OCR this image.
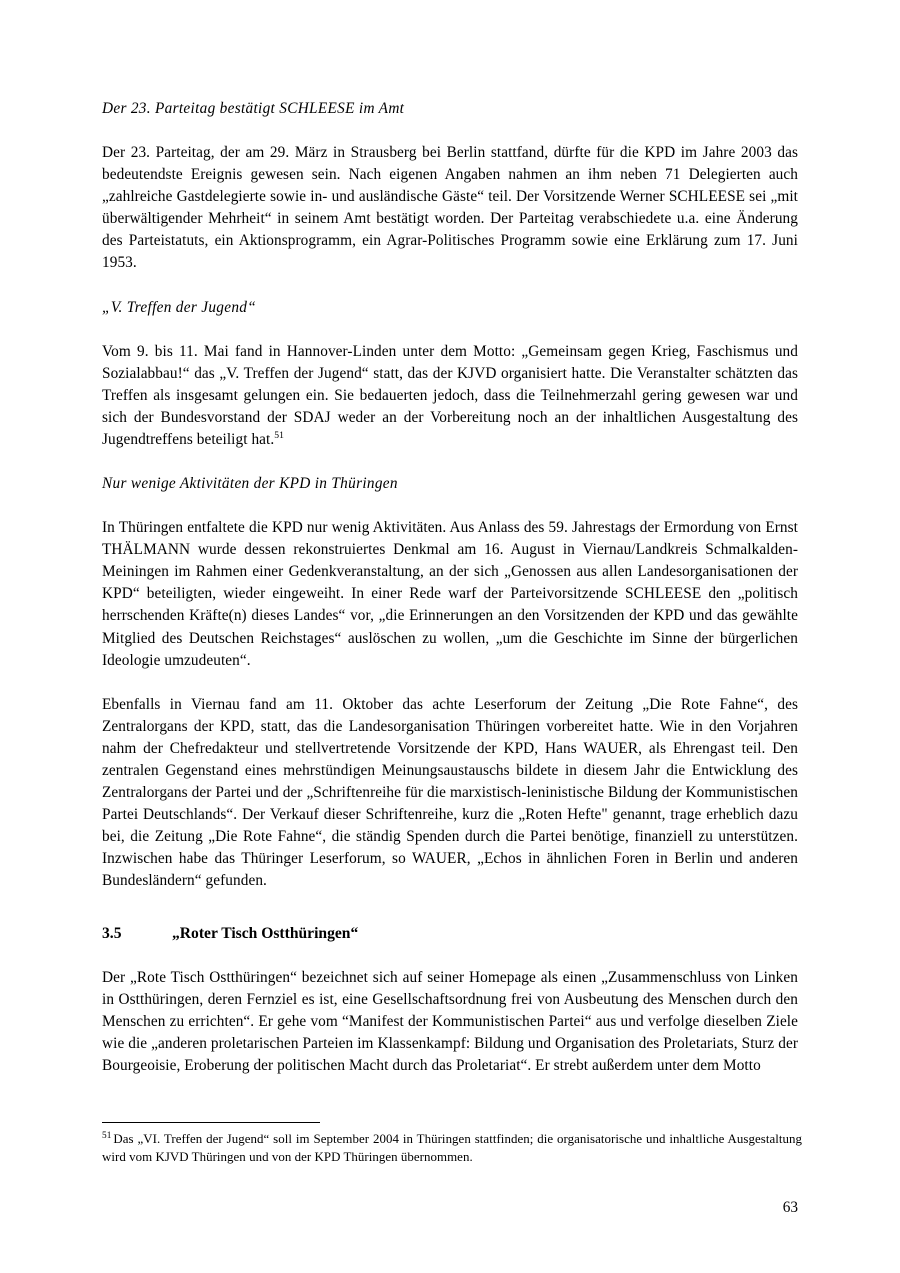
Der 23. Parteitag bestätigt SCHLEESE im Amt

Der 23. Parteitag, der am 29. März in Strausberg bei Berlin stattfand, dürfte für die KPD im Jahre 2003 das bedeutendste Ereignis gewesen sein. Nach eigenen Angaben nahmen an ihm neben 71 Delegierten auch „zahlreiche Gastdelegierte sowie in- und ausländische Gäste“ teil. Der Vorsitzende Werner SCHLEESE sei „mit überwältigender Mehrheit“ in seinem Amt bestätigt worden. Der Parteitag verabschiedete u.a. eine Änderung des Parteistatuts, ein Aktionsprogramm, ein Agrar-Politisches Programm sowie eine Erklärung zum 17. Juni 1953.

„V. Treffen der Jugend“

Vom 9. bis 11. Mai fand in Hannover-Linden unter dem Motto: „Gemeinsam gegen Krieg, Faschismus und Sozialabbau!“ das „V. Treffen der Jugend“ statt, das der KJVD organisiert hatte. Die Veranstalter schätzten das Treffen als insgesamt gelungen ein. Sie bedauerten jedoch, dass die Teilnehmerzahl gering gewesen war und sich der Bundesvorstand der SDAJ weder an der Vorbereitung noch an der inhaltlichen Ausgestaltung des Jugendtreffens beteiligt hat.$^{51}$

Nur wenige Aktivitäten der KPD in Thüringen

In Thüringen entfaltete die KPD nur wenig Aktivitäten. Aus Anlass des 59. Jahrestags der Ermordung von Ernst THÄLMANN wurde dessen rekonstruiertes Denkmal am 16. August in Viernau/Landkreis Schmalkalden-Meiningen im Rahmen einer Gedenkveranstaltung, an der sich „Genossen aus allen Landesorganisationen der KPD“ beteiligten, wieder eingeweiht. In einer Rede warf der Parteivorsitzende SCHLEESE den „politisch herrschenden Kräfte(n) dieses Landes“ vor, „die Erinnerungen an den Vorsitzenden der KPD und das gewählte Mitglied des Deutschen Reichstages“ auslöschen zu wollen, „um die Geschichte im Sinne der bürgerlichen Ideologie umzudeuten“.

Ebenfalls in Viernau fand am 11. Oktober das achte Leserforum der Zeitung „Die Rote Fahne“, des Zentralorgans der KPD, statt, das die Landesorganisation Thüringen vorbereitet hatte. Wie in den Vorjahren nahm der Chefredakteur und stellvertretende Vorsitzende der KPD, Hans WAUER, als Ehrengast teil. Den zentralen Gegenstand eines mehrstündigen Meinungsaustauschs bildete in diesem Jahr die Entwicklung des Zentralorgans der Partei und der „Schriftenreihe für die marxistisch-leninistische Bildung der Kommunistischen Partei Deutschlands“. Der Verkauf dieser Schriftenreihe, kurz die „Roten Hefte" genannt, trage erheblich dazu bei, die Zeitung „Die Rote Fahne“, die ständig Spenden durch die Partei benötige, finanziell zu unterstützen. Inzwischen habe das Thüringer Leserforum, so WAUER, „Echos in ähnlichen Foren in Berlin und anderen Bundesländern“ gefunden.

3.5	„Roter Tisch Ostthüringen“

Der „Rote Tisch Ostthüringen“ bezeichnet sich auf seiner Homepage als einen „Zusammenschluss von Linken in Ostthüringen, deren Fernziel es ist, eine Gesellschaftsordnung frei von Ausbeutung des Menschen durch den Menschen zu errichten“. Er gehe vom “Manifest der Kommunistischen Partei“ aus und verfolge dieselben Ziele wie die „anderen proletarischen Parteien im Klassenkampf: Bildung und Organisation des Proletariats, Sturz der Bourgeoisie, Eroberung der politischen Macht durch das Proletariat“. Er strebt außerdem unter dem Motto

$^{51}$ Das „VI. Treffen der Jugend“ soll im September 2004 in Thüringen stattfinden; die organisatorische und inhaltliche Ausgestaltung wird vom KJVD Thüringen und von der KPD Thüringen übernommen.

63
